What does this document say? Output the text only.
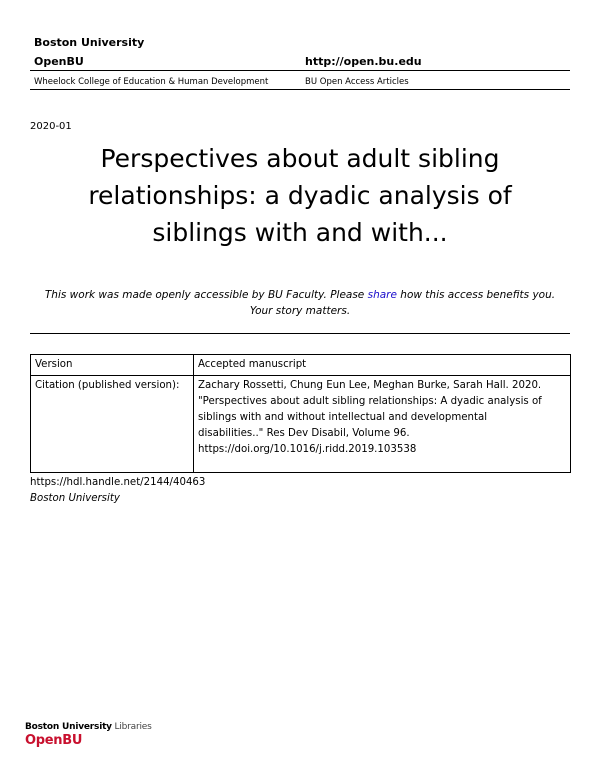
Boston University
OpenBU	http://open.bu.edu
Wheelock College of Education & Human Development	BU Open Access Articles
2020-01
Perspectives about adult sibling
relationships: a dyadic analysis of
siblings with and with...
This work was made openly accessible by BU Faculty. Please share how this access benefits you.
Your story matters.
Version	Accepted manuscript
Citation (published version):	Zachary Rossetti, Chung Eun Lee, Meghan Burke, Sarah Hall. 2020.
"Perspectives about adult sibling relationships: A dyadic analysis of
siblings with and without intellectual and developmental
disabilities.." Res Dev Disabil, Volume 96.
https://doi.org/10.1016/j.ridd.2019.103538
https://hdl.handle.net/2144/40463
Boston University
Boston University Libraries
OpenBU
